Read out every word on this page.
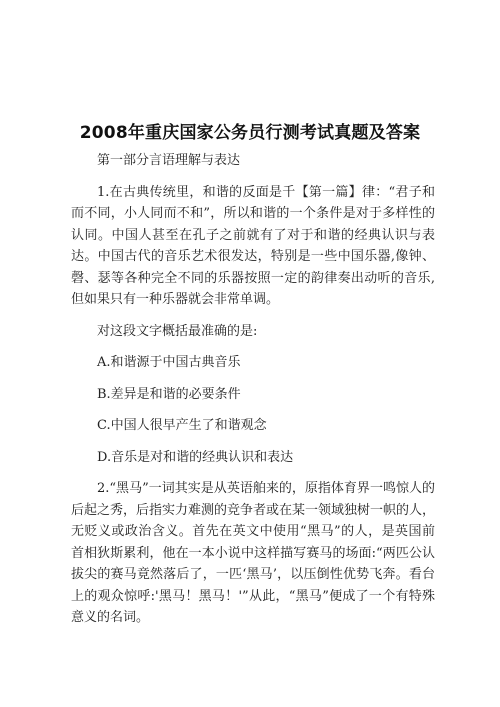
2008年重庆国家公务员行测考试真题及答案

第一部分言语理解与表达

1.在古典传统里，和谐的反面是千【第一篇】律：“君子和而不同，小人同而不和”，所以和谐的一个条件是对于多样性的认同。中国人甚至在孔子之前就有了对于和谐的经典认识与表达。中国古代的音乐艺术很发达，特别是一些中国乐器,像钟、磬、瑟等各种完全不同的乐器按照一定的韵律奏出动听的音乐,但如果只有一种乐器就会非常单调。

对这段文字概括最准确的是:

A.和谐源于中国古典音乐

B.差异是和谐的必要条件

C.中国人很早产生了和谐观念

D.音乐是对和谐的经典认识和表达

2.“黑马”一词其实是从英语舶来的，原指体育界一鸣惊人的后起之秀，后指实力难测的竞争者或在某一领域独树一帜的人，无贬义或政治含义。首先在英文中使用“黑马”的人，是英国前首相狄斯累利，他在一本小说中这样描写赛马的场面:“两匹公认拔尖的赛马竟然落后了，一匹‘黑马’，以压倒性优势飞奔。看台上的观众惊呼:'黑马！黑马！'”从此，“黑马”便成了一个有特殊意义的名词。
